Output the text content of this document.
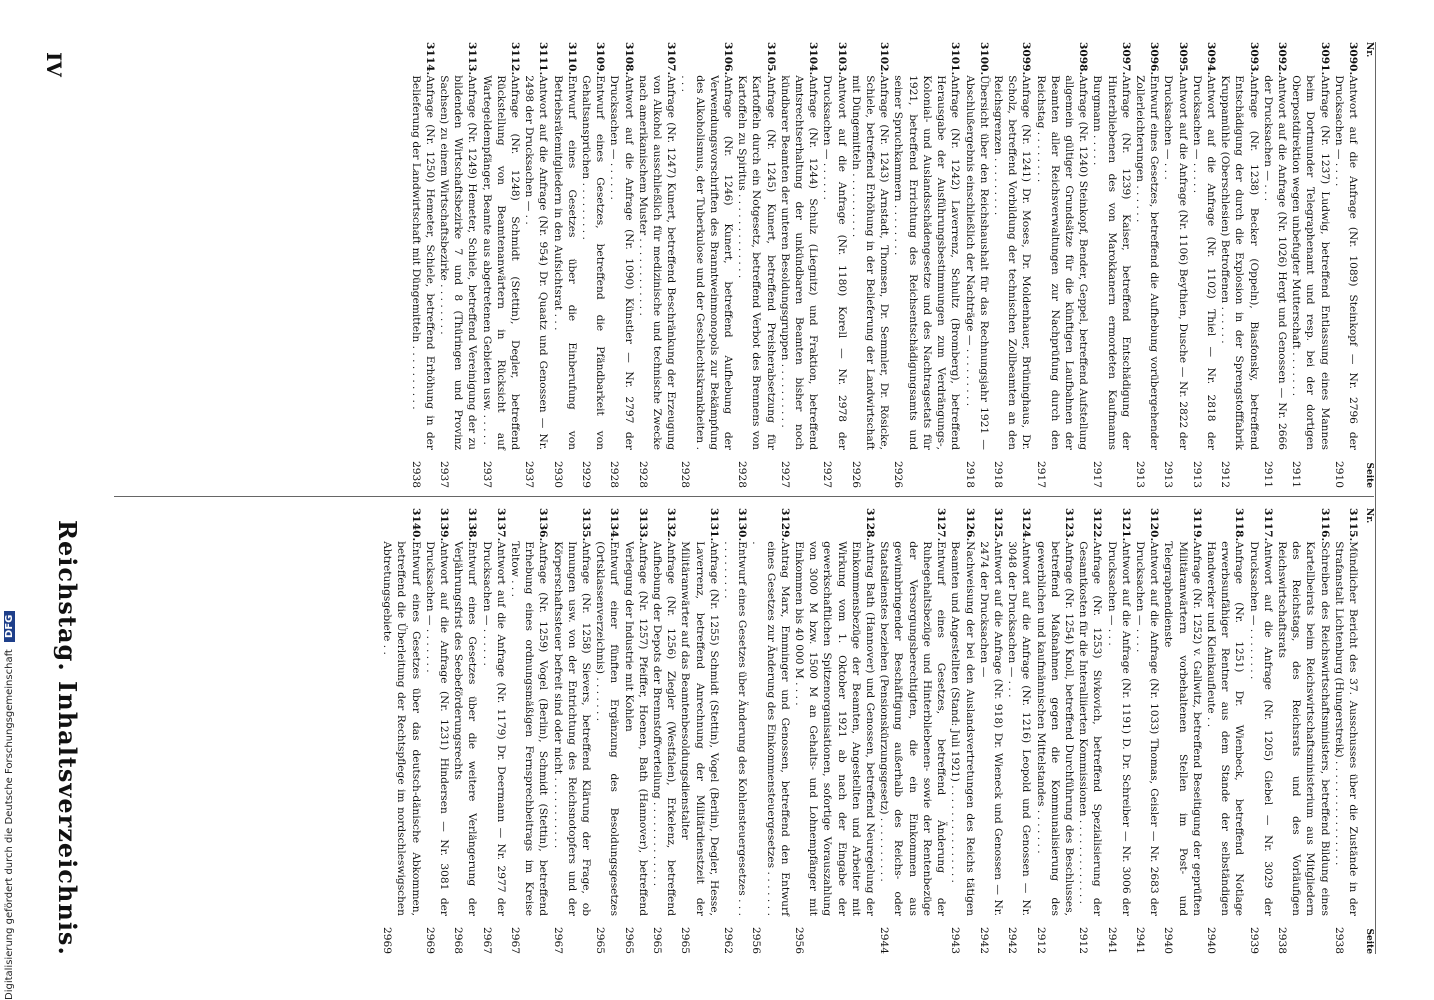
IV
Reichstag. Inhaltsverzeichnis.
Nr.
Seite
3090.
Antwort auf die Anfrage (Nr. 1089) Steinkopf — Nr. 2796 der Drucksachen — . . . .
2910
3091.
Anfrage (Nr. 1237) Ludwig, betreffend Entlassung eines Mannes beim Dortmunder Telegraphenamt und resp. bei der dortigen Oberpostdirektion wegen unbefugter Mutterschaft . . . . . . .
2911
3092.
Antwort auf die Anfrage (Nr. 1026) Hergt und Genossen — Nr. 2666 der Drucksachen — . . .
2911
3093.
Anfrage (Nr. 1238) Becker (Oppeln), Biasfonsky, betreffend Entschädigung der durch die Explosion in der Sprengstofffabrik Kruppamühle (Oberschlesien) Betroffenen . . . . . .
2912
3094.
Antwort auf die Anfrage (Nr. 1102) Thiel — Nr. 2818 der Drucksachen — . . . . .
2913
3095.
Antwort auf die Anfrage (Nr. 1106) Beythien, Dusche — Nr. 2822 der Drucksachen — . . .
2913
3096.
Entwurf eines Gesetzes, betreffend die Aufhebung vorübergehender Zollerleichterungen . . . . . .
2913
3097.
Anfrage (Nr. 1239) Kaiser, betreffend Entschädigung der Hinterbliebenen des von Marokkanern ermordeten Kaufmanns Burgmann . . . . .
2917
3098.
Anfrage (Nr. 1240) Steinkopf, Bender, Geppel, betreffend Aufstellung allgemein gültiger Grundsätze für die künftigen Laufbahnen der Beamten aller Reichsverwaltungen zur Nachprüfung durch den Reichstag . . . . . . . .
2917
3099.
Anfrage (Nr. 1241) Dr. Moses, Dr. Moldenhauer, Brüninghaus, Dr. Scholz, betreffend Vorbildung der technischen Zollbeamten an den Reichsgrenzen . . . . . . . . .
2918
3100.
Übersicht über den Reichshaushalt für das Rechnungsjahr 1921 — Abschlußergebnis einschließlich der Nachträge — . . . . . . . . .
2918
3101.
Anfrage (Nr. 1242) Laverrenz, Schultz (Bromberg), betreffend Herausgabe der Ausführungsbestimmungen zum Verdrängungs-, Kolonial- und Auslandsschädengesetze und des Nachtragsetats für 1921, betreffend Errichtung des Reichsentschädigungsamts und seiner Spruchkammern . . . . . . . .
2926
3102.
Anfrage (Nr. 1243) Arnstadt, Thomsen, Dr. Semmler, Dr. Rösicke, Schiele, betreffend Erhöhung in der Belieferung der Landwirtschaft mit Düngemitteln . . . . . . . . . .
2926
3103.
Antwort auf die Anfrage (Nr. 1180) Korell — Nr. 2978 der Drucksachen — . . . . . .
2927
3104.
Anfrage (Nr. 1244) Schulz (Liegnitz) und Fraktion, betreffend Amtsrechtserhaltung der unkündbaren Beamten bisher noch kündbarer Beamten der unteren Besoldungsgruppen . . . . . . . . . .
2927
3105.
Anfrage (Nr. 1245) Kunert, betreffend Preisherabsetzung für Kartoffeln durch ein Notgesetz, betreffend Verbot des Brennens von Kartoffeln zu Spiritus . . . . . . . . . . . . .
2928
3106.
Anfrage (Nr. 1246) Kunert, betreffend Aufhebung der Verwendungsvorschriften des Branntweinmonopols zur Bekämpfung des Alkoholismus, der Tuberkulose und der Geschlechtskrankheiten . . . .
2928
3107.
Anfrage (Nr. 1247) Kunert, betreffend Beschränkung der Erzeugung von Alkohol ausschließlich für medizinische und technische Zwecke nach amerikanischem Muster . . . . . . . . . . . .
2928
3108.
Antwort auf die Anfrage (Nr. 1090) Künstler — Nr. 2797 der Drucksachen — . . . . . .
2928
3109.
Entwurf eines Gesetzes, betreffend die Pfändbarkeit von Gehaltsansprüchen . . . . . . . . .
2929
3110.
Entwurf eines Gesetzes über die Einberufung von Betriebsrätemitgliedern in den Aufsichtsrat . . .
2930
3111.
Antwort auf die Anfrage (Nr. 954) Dr. Quaatz und Genossen — Nr. 2498 der Drucksachen — . .
2937
3112.
Anfrage (Nr. 1248) Schmidt (Stettin), Degler, betreffend Rückstellung von Beamtenanwärtern in Rücksicht auf Wartegeldempfänger, Beamte aus abgetretenen Gebieten usw. . . . . .
2937
3113.
Anfrage (Nr. 1249) Hemeter, Schiele, betreffend Vereinigung der zu bildenden Wirtschaftsbezirke 7 und 8 (Thüringen und Provinz Sachsen) zu einem Wirtschaftsbezirke . . . . . . . .
2937
3114.
Anfrage (Nr. 1250) Hemeter, Schiele, betreffend Erhöhung in der Belieferung der Landwirtschaft mit Düngemitteln . . . . . . . . . .
2938
Nr.
Seite
3115.
Mündlicher Bericht des 37. Ausschusses über die Zustände in der Strafanstalt Lichtenburg (Hungerstreik) . . . . . . . . . . . . . . . .
2938
3116.
Schreiben des Reichswirtschaftsministers, betreffend Bildung eines Kartellbeirats beim Reichswirtschaftsministerium aus Mitgliedern des Reichstags, des Reichsrats und des Vorläufigen Reichswirtschaftsrats
2938
3117.
Antwort auf die Anfrage (Nr. 1205) Giebel — Nr. 3029 der Drucksachen — . . . . . . . .
2939
3118.
Anfrage (Nr. 1251) Dr. Wienbeck, betreffend Notlage erwerbsunfähiger Rentner aus dem Stande der selbständigen Handwerker und Kleinkaufleute . .
2940
3119.
Anfrage (Nr. 1252) v. Gallwitz, betreffend Beseitigung der geprüften Militäranwärtern vorbehaltenen Stellen im Post- und Telegraphendienste
2940
3120.
Antwort auf die Anfrage (Nr. 1033) Thomas, Geisler — Nr. 2683 der Drucksachen — . . . .
2941
3121.
Antwort auf die Anfrage (Nr. 1191) D. Dr. Schreiber — Nr. 3006 der Drucksachen — . . .
2941
3122.
Anfrage (Nr. 1253) Sivkovich, betreffend Spezialisierung der Gesamtkosten für die Interalliierten Kommissionen . . . . . . . . . . . . .
2912
3123.
Anfrage (Nr. 1254) Knoll, betreffend Durchführung des Beschlusses, betreffend Maßnahmen gegen die Kommunalisierung des gewerblichen und kaufmännischen Mittelstandes . . . . . . .
2912
3124.
Antwort auf die Anfrage (Nr. 1216) Leopold und Genossen — Nr. 3048 der Drucksachen — . . .
2942
3125.
Antwort auf die Anfrage (Nr. 918) Dr. Wieneck und Genossen — Nr. 2474 der Drucksachen —
2942
3126.
Nachweisung der bei den Auslandsvertretungen des Reichs tätigen Beamten und Angestellten (Stand: Juli 1921) . . . . . . . . . . . . . . .
2943
3127.
Entwurf eines Gesetzes, betreffend Änderung der Ruhegehaltsbezüge und Hinterbliebenen- sowie der Rentenbezüge der Versorgungsberechtigten, die ein Einkommen aus gewinnbringender Beschäftigung außerhalb des Reichs- oder Staatsdienstes beziehen (Pensionskürzungsgesetz) . . . . . . . . . .
2944
3128.
Antrag Bath (Hannover) und Genossen, betreffend Neuregelung der Einkommensbezüge der Beamten, Angestellten und Arbeiter mit Wirkung vom 1. Oktober 1921 ab nach der Eingabe der gewerkschaftlichen Spitzenorganisationen, sofortige Vorauszahlung von 3000 M bzw. 1500 M an Gehalts- und Lohnempfänger mit Einkommen bis 40 000 M . . . .
2956
3129.
Antrag Marx, Emminger und Genossen, betreffend den Entwurf eines Gesetzes zur Änderung des Einkommensteuergesetzes . . . . . . . .
2956
3130.
Entwurf eines Gesetzes über Änderung des Kohlensteuergesetzes . . . . . . . . . . . .
2962
3131.
Anfrage (Nr. 1255) Schmidt (Stettin), Vogel (Berlin), Degler, Hesse, Laverrenz, betreffend Anrechnung der Militärdienstzeit der Militäranwärter auf das Beamtenbesoldungsdienstalter
2965
3132.
Anfrage (Nr. 1256) Ziegler (Westfalen), Erkelenz, betreffend Aufhebung der Depots der Brennstoffverteilung . . . . . . . . . . . . .
2965
3133.
Anfrage (Nr. 1257) Pfeiffer, Hoenen, Bath (Hannover), betreffend Verlegung der Industrie mit Kohlen
2965
3134.
Entwurf einer fünften Ergänzung des Besoldungsgesetzes (Ortsklassenverzeichnis) . . . . . . .
2965
3135.
Anfrage (Nr. 1258) Sievers, betreffend Klärung der Frage, ob Innungen usw. von der Entrichtung des Reichsnotopfers und der Körperschaftssteuer befreit sind oder nicht . . . . . . . . . . .
2967
3136.
Anfrage (Nr. 1259) Vogel (Berlin), Schmidt (Stettin), betreffend Erhebung eines ordnungsmäßigen Fernsprechbeitrags im Kreise Teltow . . .
2967
3137.
Antwort auf die Anfrage (Nr. 1179) Dr. Deermann — Nr. 2977 der Drucksachen — . . . . . .
2967
3138.
Entwurf eines Gesetzes über die weitere Verlängerung der Verjährungsfrist des Seebeförderungsrechts
2968
3139.
Antwort auf die Anfrage (Nr. 1231) Hindersen — Nr. 3081 der Drucksachen — . . . . . . .
2969
3140.
Entwurf eines Gesetzes über das deutsch-dänische Abkommen, betreffend die Überleitung der Rechtspflege im nordschleswigschen Abtretungsgebiete . .
2969
Digitalisierung gefördert durch die Deutsche Forschungsgemeinschaft DFG
